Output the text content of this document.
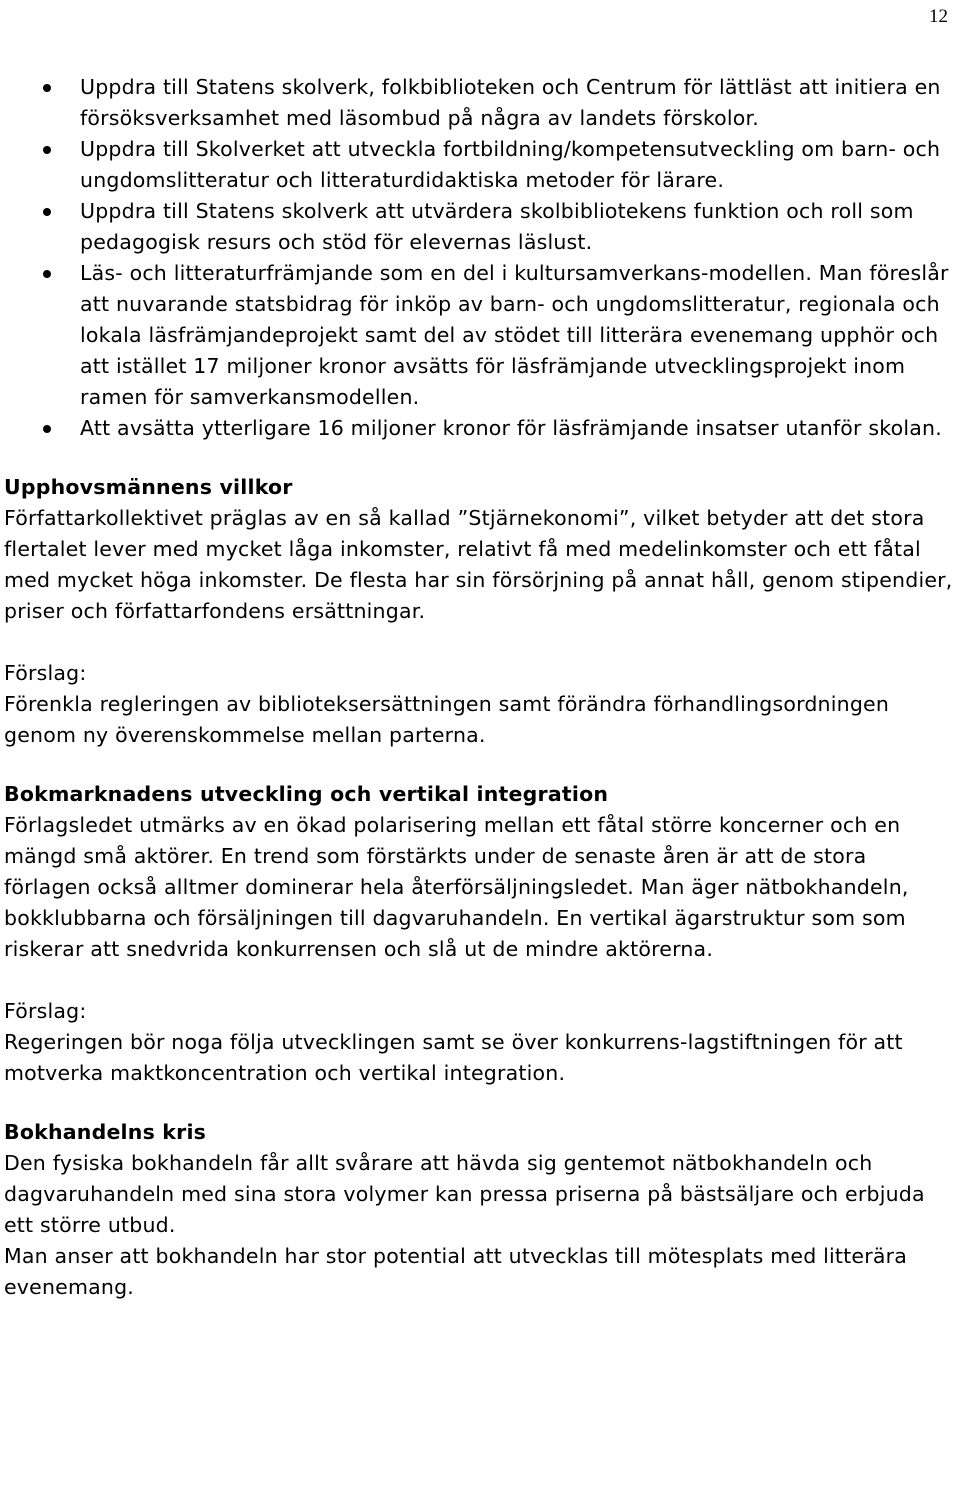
12
Uppdra till Statens skolverk, folkbiblioteken och Centrum för lättläst att initiera en försöksverksamhet med läsombud på några av landets förskolor.
Uppdra till Skolverket att utveckla fortbildning/kompetensutveckling om barn- och ungdomslitteratur och litteraturdidaktiska metoder för lärare.
Uppdra till Statens skolverk att utvärdera skolbibliotekens funktion och roll som pedagogisk resurs och stöd för elevernas läslust.
Läs- och litteraturfrämjande som en del i kultursamverkans-modellen. Man föreslår att nuvarande statsbidrag för inköp av barn- och ungdomslitteratur, regionala och lokala läsfrämjandeprojekt samt del av stödet till litterära evenemang upphör och att istället 17 miljoner kronor avsätts för läsfrämjande utvecklingsprojekt inom ramen för samverkansmodellen.
Att avsätta ytterligare 16 miljoner kronor för läsfrämjande insatser utanför skolan.

Upphovsmännens villkor

Författarkollektivet präglas av en så kallad ”Stjärnekonomi”, vilket betyder att det stora flertalet lever med mycket låga inkomster, relativt få med medelinkomster och ett fåtal med mycket höga inkomster. De flesta har sin försörjning på annat håll, genom stipendier, priser och författarfondens ersättningar.

Förslag:

Förenkla regleringen av biblioteksersättningen samt förändra förhandlingsordningen genom ny överenskommelse mellan parterna.

Bokmarknadens utveckling och vertikal integration

Förlagsledet utmärks av en ökad polarisering mellan ett fåtal större koncerner och en mängd små aktörer. En trend som förstärkts under de senaste åren är att de stora förlagen också alltmer dominerar hela återförsäljningsledet. Man äger nätbokhandeln, bokklubbarna och försäljningen till dagvaruhandeln. En vertikal ägarstruktur som som riskerar att snedvrida konkurrensen och slå ut de mindre aktörerna.

Förslag:

Regeringen bör noga följa utvecklingen samt se över konkurrens-lagstiftningen för att motverka maktkoncentration och vertikal integration.

Bokhandelns kris

Den fysiska bokhandeln får allt svårare att hävda sig gentemot nätbokhandeln och dagvaruhandeln med sina stora volymer kan pressa priserna på bästsäljare och erbjuda ett större utbud.

Man anser att bokhandeln har stor potential att utvecklas till mötesplats med litterära evenemang.
